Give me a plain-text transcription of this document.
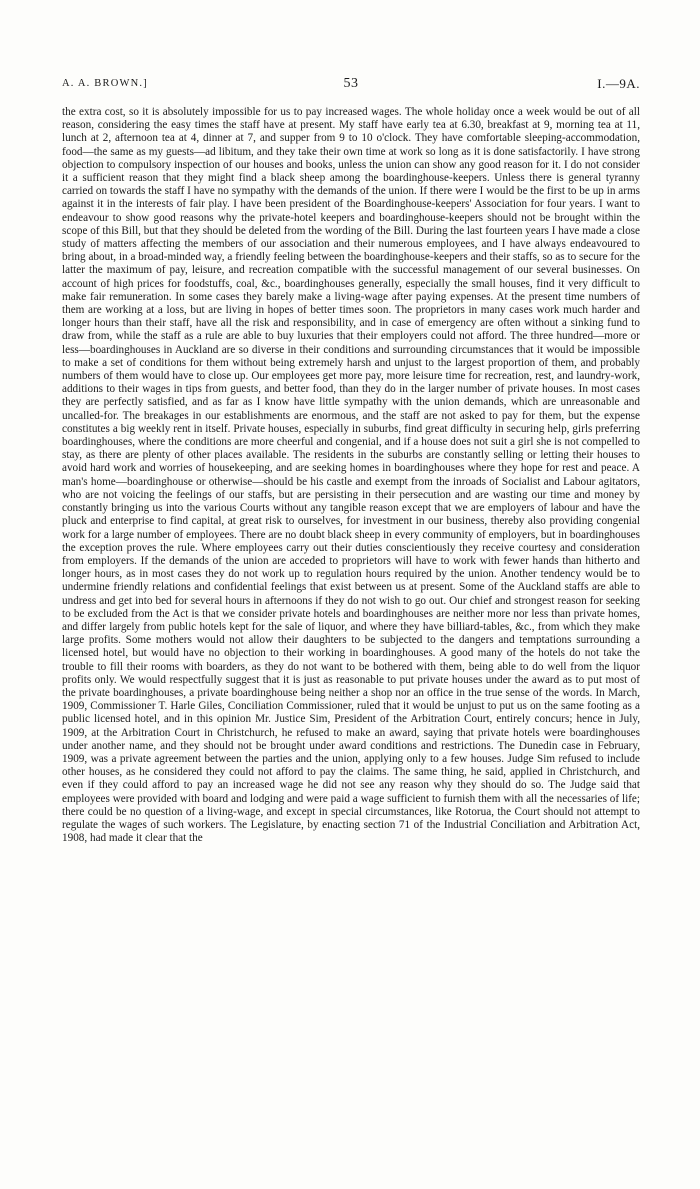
A. A. BROWN.]	53	I.—9A.

the extra cost, so it is absolutely impossible for us to pay increased wages. The whole holiday once a week would be out of all reason, considering the easy times the staff have at present. My staff have early tea at 6.30, breakfast at 9, morning tea at 11, lunch at 2, afternoon tea at 4, dinner at 7, and supper from 9 to 10 o'clock. They have comfortable sleeping-accommodation, food—the same as my guests—ad libitum, and they take their own time at work so long as it is done satisfactorily. I have strong objection to compulsory inspection of our houses and books, unless the union can show any good reason for it. I do not consider it a sufficient reason that they might find a black sheep among the boardinghouse-keepers. Unless there is general tyranny carried on towards the staff I have no sympathy with the demands of the union. If there were I would be the first to be up in arms against it in the interests of fair play. I have been president of the Boardinghouse-keepers' Association for four years. I want to endeavour to show good reasons why the private-hotel keepers and boardinghouse-keepers should not be brought within the scope of this Bill, but that they should be deleted from the wording of the Bill. During the last fourteen years I have made a close study of matters affecting the members of our association and their numerous employees, and I have always endeavoured to bring about, in a broad-minded way, a friendly feeling between the boardinghouse-keepers and their staffs, so as to secure for the latter the maximum of pay, leisure, and recreation compatible with the successful management of our several businesses. On account of high prices for foodstuffs, coal, &c., boardinghouses generally, especially the small houses, find it very difficult to make fair remuneration. In some cases they barely make a living-wage after paying expenses. At the present time numbers of them are working at a loss, but are living in hopes of better times soon. The proprietors in many cases work much harder and longer hours than their staff, have all the risk and responsibility, and in case of emergency are often without a sinking fund to draw from, while the staff as a rule are able to buy luxuries that their employers could not afford. The three hundred—more or less—boardinghouses in Auckland are so diverse in their conditions and surrounding circumstances that it would be impossible to make a set of conditions for them without being extremely harsh and unjust to the largest proportion of them, and probably numbers of them would have to close up. Our employees get more pay, more leisure time for recreation, rest, and laundry-work, additions to their wages in tips from guests, and better food, than they do in the larger number of private houses. In most cases they are perfectly satisfied, and as far as I know have little sympathy with the union demands, which are unreasonable and uncalled-for. The breakages in our establishments are enormous, and the staff are not asked to pay for them, but the expense constitutes a big weekly rent in itself. Private houses, especially in suburbs, find great difficulty in securing help, girls preferring boardinghouses, where the conditions are more cheerful and congenial, and if a house does not suit a girl she is not compelled to stay, as there are plenty of other places available. The residents in the suburbs are constantly selling or letting their houses to avoid hard work and worries of housekeeping, and are seeking homes in boardinghouses where they hope for rest and peace. A man's home—boardinghouse or otherwise—should be his castle and exempt from the inroads of Socialist and Labour agitators, who are not voicing the feelings of our staffs, but are persisting in their persecution and are wasting our time and money by constantly bringing us into the various Courts without any tangible reason except that we are employers of labour and have the pluck and enterprise to find capital, at great risk to ourselves, for investment in our business, thereby also providing congenial work for a large number of employees. There are no doubt black sheep in every community of employers, but in boardinghouses the exception proves the rule. Where employees carry out their duties conscientiously they receive courtesy and consideration from employers. If the demands of the union are acceded to proprietors will have to work with fewer hands than hitherto and longer hours, as in most cases they do not work up to regulation hours required by the union. Another tendency would be to undermine friendly relations and confidential feelings that exist between us at present. Some of the Auckland staffs are able to undress and get into bed for several hours in afternoons if they do not wish to go out. Our chief and strongest reason for seeking to be excluded from the Act is that we consider private hotels and boardinghouses are neither more nor less than private homes, and differ largely from public hotels kept for the sale of liquor, and where they have billiard-tables, &c., from which they make large profits. Some mothers would not allow their daughters to be subjected to the dangers and temptations surrounding a licensed hotel, but would have no objection to their working in boardinghouses. A good many of the hotels do not take the trouble to fill their rooms with boarders, as they do not want to be bothered with them, being able to do well from the liquor profits only. We would respectfully suggest that it is just as reasonable to put private houses under the award as to put most of the private boardinghouses, a private boardinghouse being neither a shop nor an office in the true sense of the words. In March, 1909, Commissioner T. Harle Giles, Conciliation Commissioner, ruled that it would be unjust to put us on the same footing as a public licensed hotel, and in this opinion Mr. Justice Sim, President of the Arbitration Court, entirely concurs; hence in July, 1909, at the Arbitration Court in Christchurch, he refused to make an award, saying that private hotels were boardinghouses under another name, and they should not be brought under award conditions and restrictions. The Dunedin case in February, 1909, was a private agreement between the parties and the union, applying only to a few houses. Judge Sim refused to include other houses, as he considered they could not afford to pay the claims. The same thing, he said, applied in Christchurch, and even if they could afford to pay an increased wage he did not see any reason why they should do so. The Judge said that employees were provided with board and lodging and were paid a wage sufficient to furnish them with all the necessaries of life; there could be no question of a living-wage, and except in special circumstances, like Rotorua, the Court should not attempt to regulate the wages of such workers. The Legislature, by enacting section 71 of the Industrial Conciliation and Arbitration Act, 1908, had made it clear that the
